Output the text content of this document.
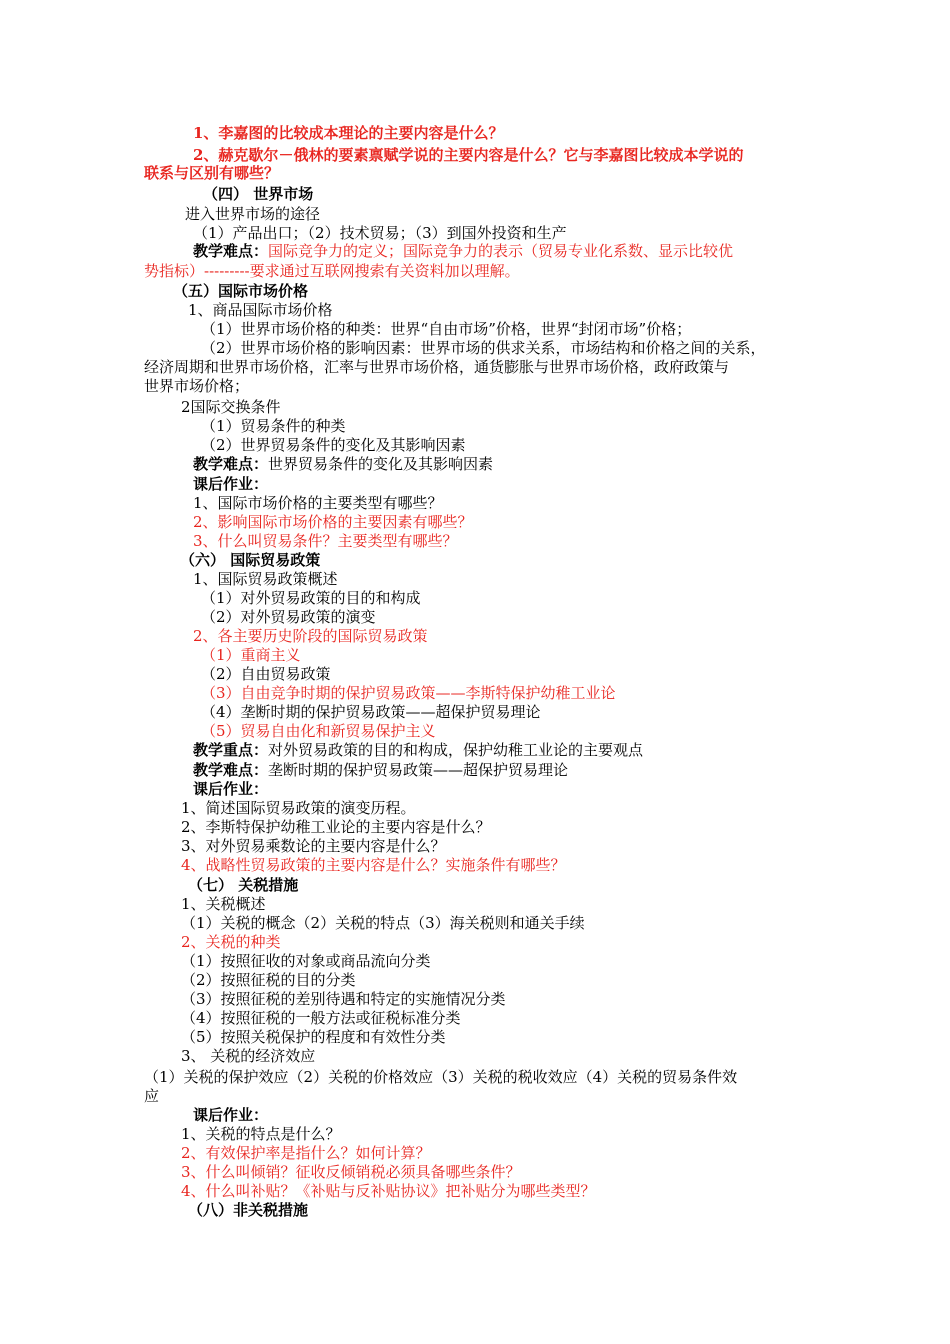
1、李嘉图的比较成本理论的主要内容是什么？
2、赫克歇尔－俄林的要素禀赋学说的主要内容是什么？它与李嘉图比较成本学说的
联系与区别有哪些？
（四） 世界市场
进入世界市场的途径
（1）产品出口；（2）技术贸易；（3）到国外投资和生产
教学难点：国际竞争力的定义；国际竞争力的表示（贸易专业化系数、显示比较优
势指标）---------要求通过互联网搜索有关资料加以理解。
（五）国际市场价格
1、商品国际市场价格
（1）世界市场价格的种类：世界“自由市场”价格，世界“封闭市场”价格；
（2）世界市场价格的影响因素：世界市场的供求关系，市场结构和价格之间的关系，
经济周期和世界市场价格，汇率与世界市场价格，通货膨胀与世界市场价格，政府政策与
世界市场价格；
2国际交换条件
（1）贸易条件的种类
（2）世界贸易条件的变化及其影响因素
教学难点：世界贸易条件的变化及其影响因素
课后作业：
1、国际市场价格的主要类型有哪些？
2、影响国际市场价格的主要因素有哪些？
3、什么叫贸易条件？主要类型有哪些？
（六） 国际贸易政策
1、国际贸易政策概述
（1）对外贸易政策的目的和构成
（2）对外贸易政策的演变
2、各主要历史阶段的国际贸易政策
（1）重商主义
（2）自由贸易政策
（3）自由竞争时期的保护贸易政策——李斯特保护幼稚工业论
（4）垄断时期的保护贸易政策——超保护贸易理论
（5）贸易自由化和新贸易保护主义
教学重点：对外贸易政策的目的和构成，保护幼稚工业论的主要观点
教学难点：垄断时期的保护贸易政策——超保护贸易理论
课后作业：
1、简述国际贸易政策的演变历程。
2、李斯特保护幼稚工业论的主要内容是什么？
3、对外贸易乘数论的主要内容是什么？
4、战略性贸易政策的主要内容是什么？实施条件有哪些？
（七） 关税措施
1、关税概述
（1）关税的概念（2）关税的特点（3）海关税则和通关手续
2、关税的种类
（1）按照征收的对象或商品流向分类
（2）按照征税的目的分类
（3）按照征税的差别待遇和特定的实施情况分类
（4）按照征税的一般方法或征税标准分类
（5）按照关税保护的程度和有效性分类
3、 关税的经济效应
（1）关税的保护效应（2）关税的价格效应（3）关税的税收效应（4）关税的贸易条件效
应
课后作业：
1、关税的特点是什么？
2、有效保护率是指什么？如何计算？
3、什么叫倾销？征收反倾销税必须具备哪些条件？
4、什么叫补贴？《补贴与反补贴协议》把补贴分为哪些类型？
（八）非关税措施
